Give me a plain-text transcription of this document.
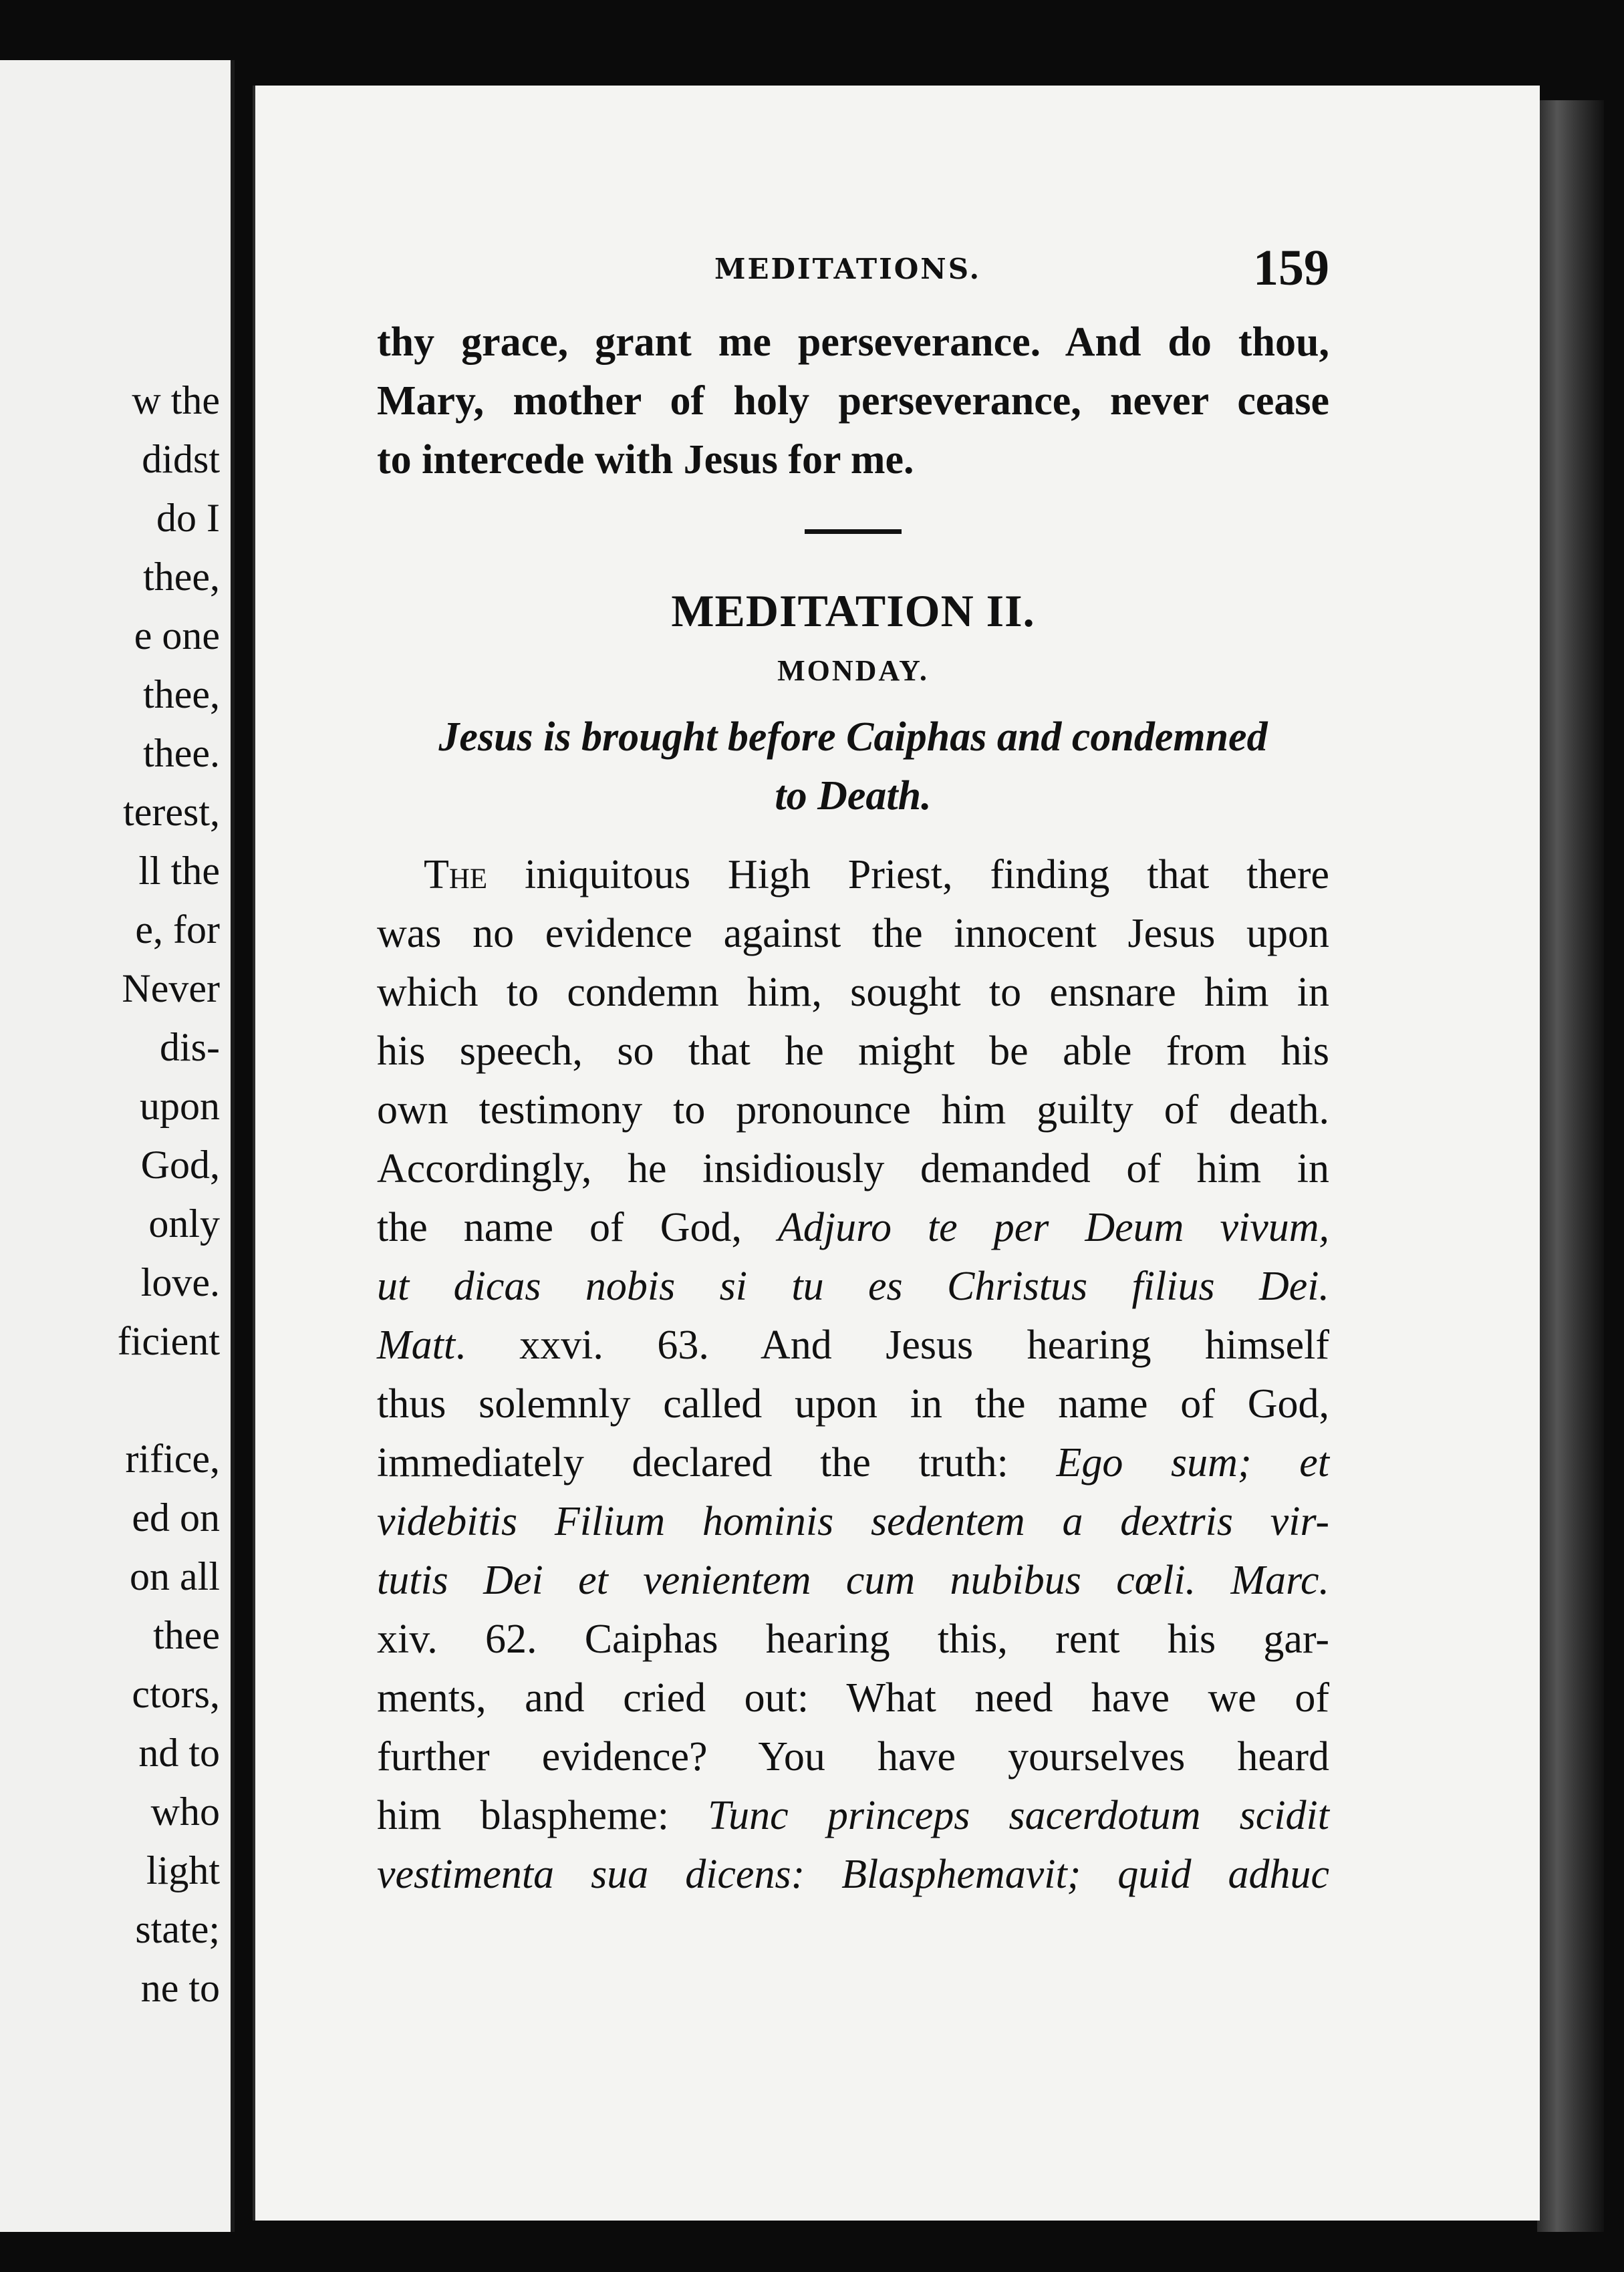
w the
didst
do I
thee,
e one
thee,
thee.
terest,
ll the
e, for
Never
dis-
upon
God,
only
love.
ficient
rifice,
ed on
on all
thee
ctors,
nd to
who
light
state;
ne to
MEDITATIONS.	159
thy grace, grant me perseverance. And do thou,
Mary, mother of holy perseverance, never cease
to intercede with Jesus for me.
MEDITATION II.
MONDAY.
Jesus is brought before Caiphas and condemned
to Death.
The iniquitous High Priest, finding that there
was no evidence against the innocent Jesus upon
which to condemn him, sought to ensnare him in
his speech, so that he might be able from his
own testimony to pronounce him guilty of death.
Accordingly, he insidiously demanded of him in
the name of God, Adjuro te per Deum vivum,
ut dicas nobis si tu es Christus filius Dei.
Matt. xxvi. 63. And Jesus hearing himself
thus solemnly called upon in the name of God,
immediately declared the truth: Ego sum; et
videbitis Filium hominis sedentem a dextris vir-
tutis Dei et venientem cum nubibus cœli. Marc.
xiv. 62. Caiphas hearing this, rent his gar-
ments, and cried out: What need have we of
further evidence? You have yourselves heard
him blaspheme: Tunc princeps sacerdotum scidit
vestimenta sua dicens: Blasphemavit; quid adhuc
